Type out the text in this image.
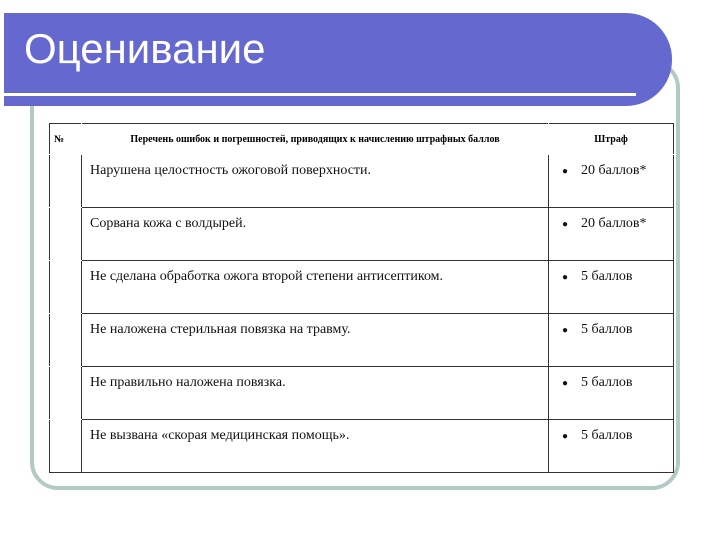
Оценивание
№	Перечень ошибок и погрешностей, приводящих к начислению штрафных баллов	Штраф
	Нарушена целостность ожоговой поверхности.	● 20 баллов*
	Сорвана кожа с волдырей.	● 20 баллов*
	Не сделана обработка ожога второй степени антисептиком.	● 5 баллов
	Не наложена стерильная повязка на травму.	● 5 баллов
	Не правильно наложена повязка.	● 5 баллов
	Не вызвана «скорая медицинская помощь».	● 5 баллов
